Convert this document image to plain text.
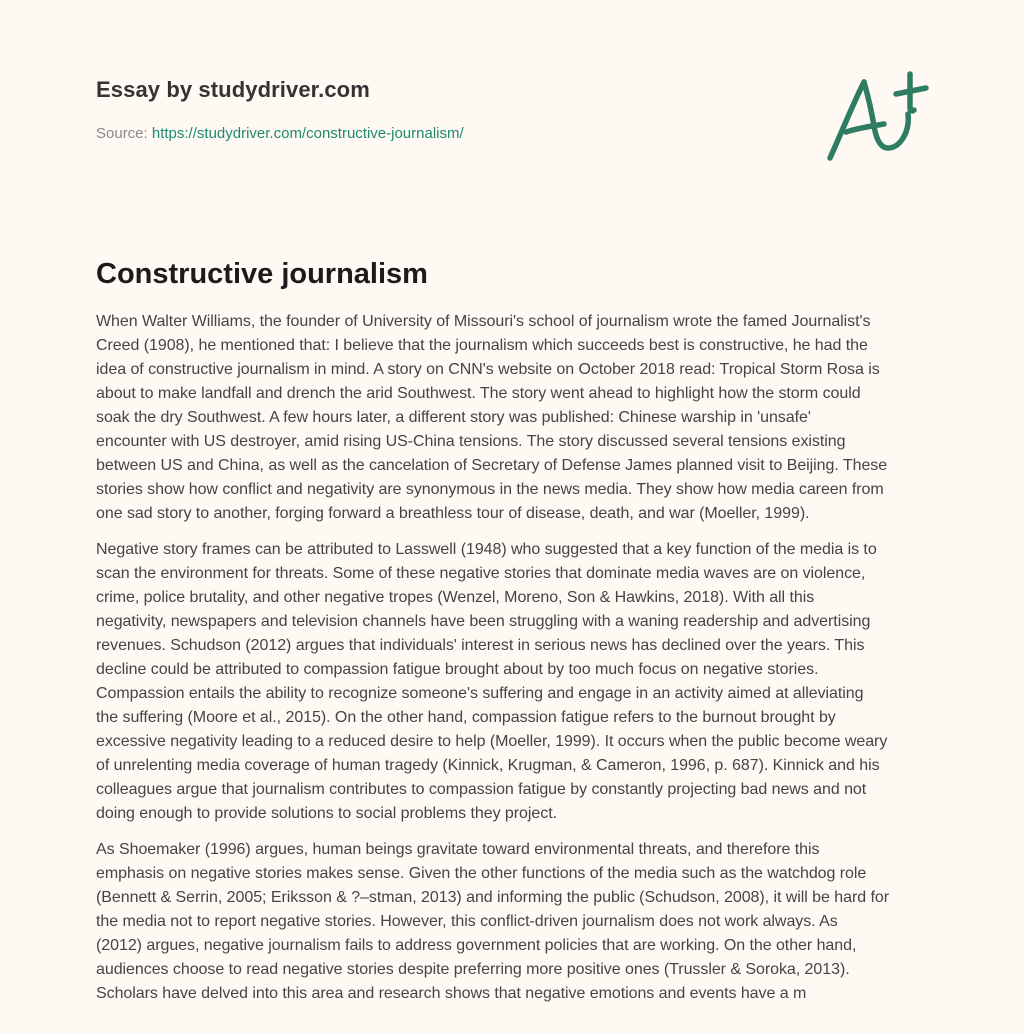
Essay by studydriver.com
Source: https://studydriver.com/constructive-journalism/
Constructive journalism

When Walter Williams, the founder of University of Missouri's school of journalism wrote the famed Journalist's
Creed (1908), he mentioned that: I believe that the journalism which succeeds best is constructive, he had the
idea of constructive journalism in mind. A story on CNN's website on October 2018 read: Tropical Storm Rosa is
about to make landfall and drench the arid Southwest. The story went ahead to highlight how the storm could
soak the dry Southwest. A few hours later, a different story was published: Chinese warship in 'unsafe'
encounter with US destroyer, amid rising US-China tensions. The story discussed several tensions existing
between US and China, as well as the cancelation of Secretary of Defense James planned visit to Beijing. These
stories show how conflict and negativity are synonymous in the news media. They show how media careen from
one sad story to another, forging forward a breathless tour of disease, death, and war (Moeller, 1999).

Negative story frames can be attributed to Lasswell (1948) who suggested that a key function of the media is to
scan the environment for threats. Some of these negative stories that dominate media waves are on violence,
crime, police brutality, and other negative tropes (Wenzel, Moreno, Son & Hawkins, 2018). With all this
negativity, newspapers and television channels have been struggling with a waning readership and advertising
revenues. Schudson (2012) argues that individuals' interest in serious news has declined over the years. This
decline could be attributed to compassion fatigue brought about by too much focus on negative stories.
Compassion entails the ability to recognize someone's suffering and engage in an activity aimed at alleviating
the suffering (Moore et al., 2015). On the other hand, compassion fatigue refers to the burnout brought by
excessive negativity leading to a reduced desire to help (Moeller, 1999). It occurs when the public become weary
of unrelenting media coverage of human tragedy (Kinnick, Krugman, & Cameron, 1996, p. 687). Kinnick and his
colleagues argue that journalism contributes to compassion fatigue by constantly projecting bad news and not
doing enough to provide solutions to social problems they project.

As Shoemaker (1996) argues, human beings gravitate toward environmental threats, and therefore this
emphasis on negative stories makes sense. Given the other functions of the media such as the watchdog role
(Bennett & Serrin, 2005; Eriksson & ?–stman, 2013) and informing the public (Schudson, 2008), it will be hard for
the media not to report negative stories. However, this conflict-driven journalism does not work always. As
(2012) argues, negative journalism fails to address government policies that are working. On the other hand,
audiences choose to read negative stories despite preferring more positive ones (Trussler & Soroka, 2013).
Scholars have delved into this area and research shows that negative emotions and events have a m
